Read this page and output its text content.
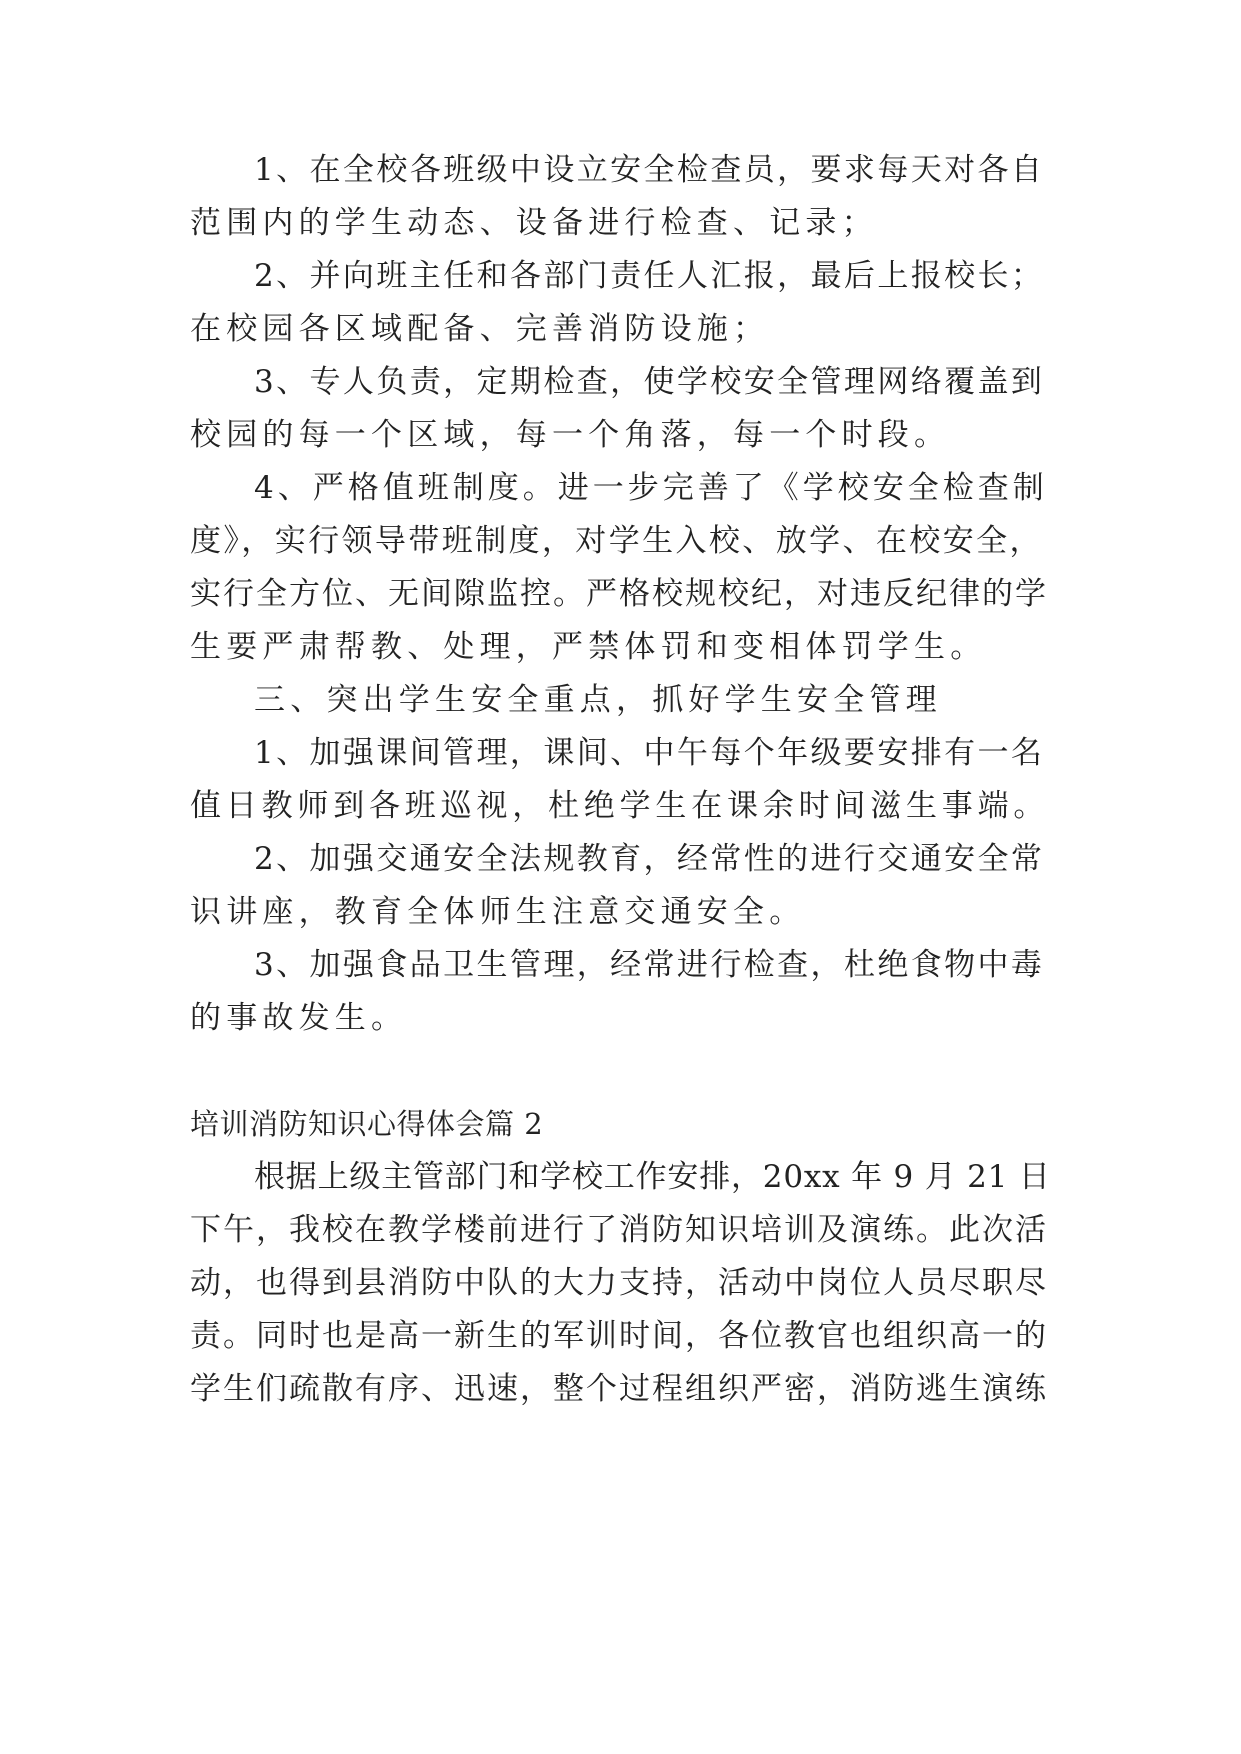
1、在全校各班级中设立安全检查员，要求每天对各自
范围内的学生动态、设备进行检查、记录；
2、并向班主任和各部门责任人汇报，最后上报校长；
在校园各区域配备、完善消防设施；
3、专人负责，定期检查，使学校安全管理网络覆盖到
校园的每一个区域，每一个角落，每一个时段。
4、严格值班制度。进一步完善了《学校安全检查制
度》，实行领导带班制度，对学生入校、放学、在校安全，
实行全方位、无间隙监控。严格校规校纪，对违反纪律的学
生要严肃帮教、处理，严禁体罚和变相体罚学生。
三、突出学生安全重点，抓好学生安全管理
1、加强课间管理，课间、中午每个年级要安排有一名
值日教师到各班巡视，杜绝学生在课余时间滋生事端。
2、加强交通安全法规教育，经常性的进行交通安全常
识讲座，教育全体师生注意交通安全。
3、加强食品卫生管理，经常进行检查，杜绝食物中毒
的事故发生。
培训消防知识心得体会篇 2
根据上级主管部门和学校工作安排，20xx 年 9 月 21 日
下午，我校在教学楼前进行了消防知识培训及演练。此次活
动，也得到县消防中队的大力支持，活动中岗位人员尽职尽
责。同时也是高一新生的军训时间，各位教官也组织高一的
学生们疏散有序、迅速，整个过程组织严密，消防逃生演练
